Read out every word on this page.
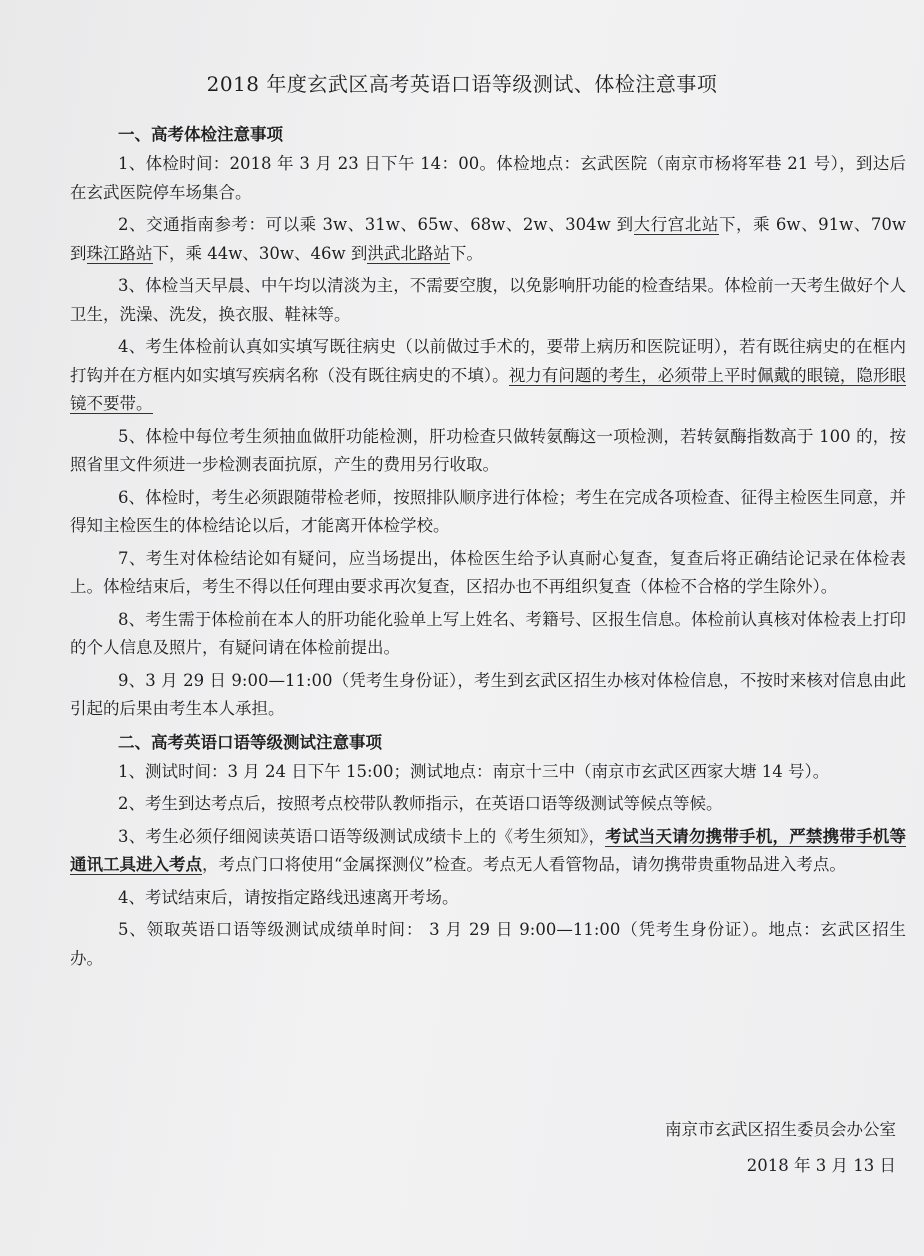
2018 年度玄武区高考英语口语等级测试、体检注意事项

一、高考体检注意事项

1、体检时间：2018 年 3 月 23 日下午 14：00。体检地点：玄武医院（南京市杨将军巷 21 号），到达后在玄武医院停车场集合。

2、交通指南参考：可以乘 3w、31w、65w、68w、2w、304w 到大行宫北站下，乘 6w、91w、70w 到珠江路站下，乘 44w、30w、46w 到洪武北路站下。

3、体检当天早晨、中午均以清淡为主，不需要空腹，以免影响肝功能的检查结果。体检前一天考生做好个人卫生，洗澡、洗发，换衣服、鞋袜等。

4、考生体检前认真如实填写既往病史（以前做过手术的，要带上病历和医院证明），若有既往病史的在框内打钩并在方框内如实填写疾病名称（没有既往病史的不填）。视力有问题的考生，必须带上平时佩戴的眼镜，隐形眼镜不要带。

5、体检中每位考生须抽血做肝功能检测，肝功检查只做转氨酶这一项检测，若转氨酶指数高于 100 的，按照省里文件须进一步检测表面抗原，产生的费用另行收取。

6、体检时，考生必须跟随带检老师，按照排队顺序进行体检；考生在完成各项检查、征得主检医生同意，并得知主检医生的体检结论以后，才能离开体检学校。

7、考生对体检结论如有疑问，应当场提出，体检医生给予认真耐心复查，复查后将正确结论记录在体检表上。体检结束后，考生不得以任何理由要求再次复查，区招办也不再组织复查（体检不合格的学生除外）。

8、考生需于体检前在本人的肝功能化验单上写上姓名、考籍号、区报生信息。体检前认真核对体检表上打印的个人信息及照片，有疑问请在体检前提出。

9、3 月 29 日 9:00—11:00（凭考生身份证），考生到玄武区招生办核对体检信息，不按时来核对信息由此引起的后果由考生本人承担。

二、高考英语口语等级测试注意事项

1、测试时间：3 月 24 日下午 15:00；测试地点：南京十三中（南京市玄武区西家大塘 14 号）。

2、考生到达考点后，按照考点校带队教师指示，在英语口语等级测试等候点等候。

3、考生必须仔细阅读英语口语等级测试成绩卡上的《考生须知》，考试当天请勿携带手机，严禁携带手机等通讯工具进入考点，考点门口将使用“金属探测仪”检查。考点无人看管物品，请勿携带贵重物品进入考点。

4、考试结束后，请按指定路线迅速离开考场。

5、领取英语口语等级测试成绩单时间： 3 月 29 日 9:00—11:00（凭考生身份证）。地点：玄武区招生办。

南京市玄武区招生委员会办公室
2018 年 3 月 13 日
